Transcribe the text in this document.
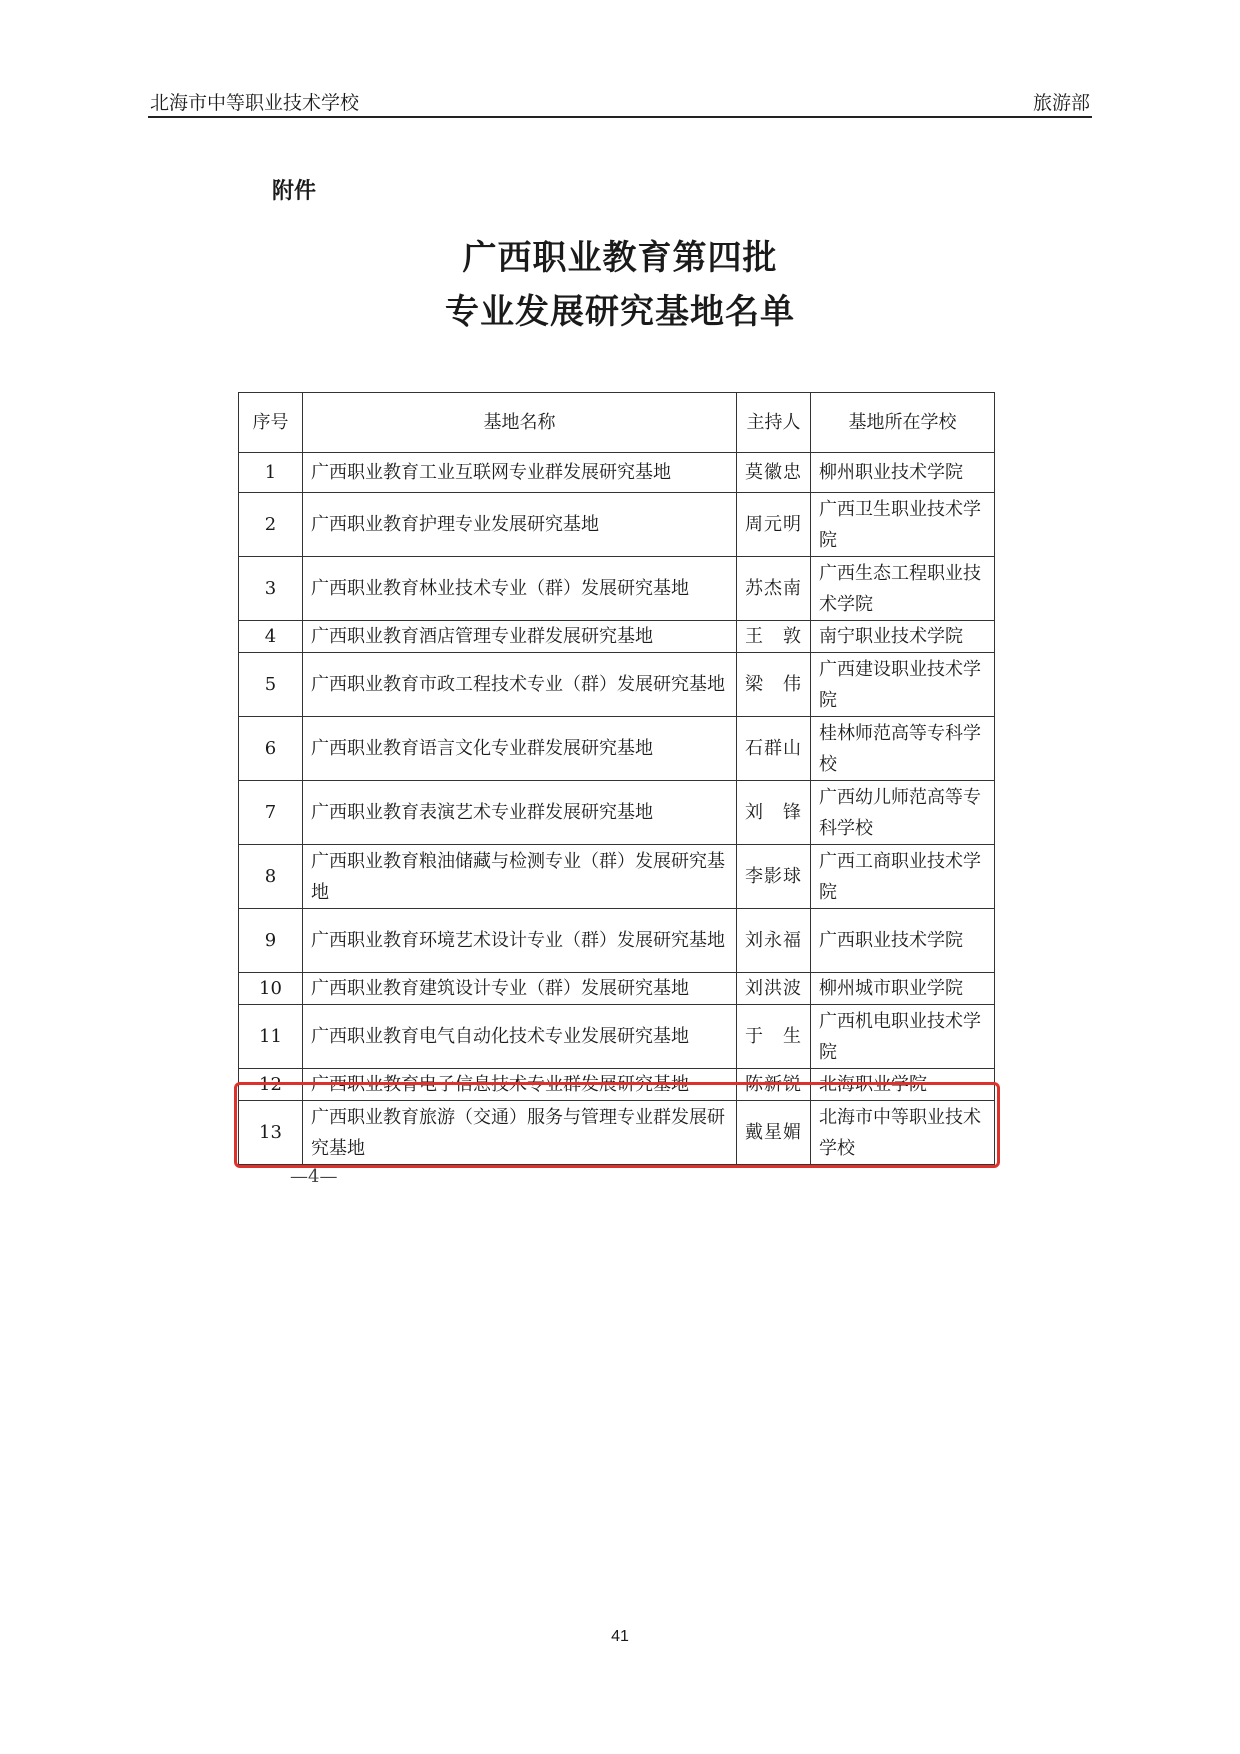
北海市中等职业技术学校	旅游部
附件
广西职业教育第四批
专业发展研究基地名单
序号	基地名称	主持人	基地所在学校
1	广西职业教育工业互联网专业群发展研究基地	莫徽忠	柳州职业技术学院
2	广西职业教育护理专业发展研究基地	周元明	广西卫生职业技术学院
3	广西职业教育林业技术专业（群）发展研究基地	苏杰南	广西生态工程职业技术学院
4	广西职业教育酒店管理专业群发展研究基地	王　敦	南宁职业技术学院
5	广西职业教育市政工程技术专业（群）发展研究基地	梁　伟	广西建设职业技术学院
6	广西职业教育语言文化专业群发展研究基地	石群山	桂林师范高等专科学校
7	广西职业教育表演艺术专业群发展研究基地	刘　锋	广西幼儿师范高等专科学校
8	广西职业教育粮油储藏与检测专业（群）发展研究基地	李影球	广西工商职业技术学院
9	广西职业教育环境艺术设计专业（群）发展研究基地	刘永福	广西职业技术学院
10	广西职业教育建筑设计专业（群）发展研究基地	刘洪波	柳州城市职业学院
11	广西职业教育电气自动化技术专业发展研究基地	于　生	广西机电职业技术学院
12	广西职业教育电子信息技术专业群发展研究基地	陈新锐	北海职业学院
13	广西职业教育旅游（交通）服务与管理专业群发展研究基地	戴星媚	北海市中等职业技术学校
—4—
41
